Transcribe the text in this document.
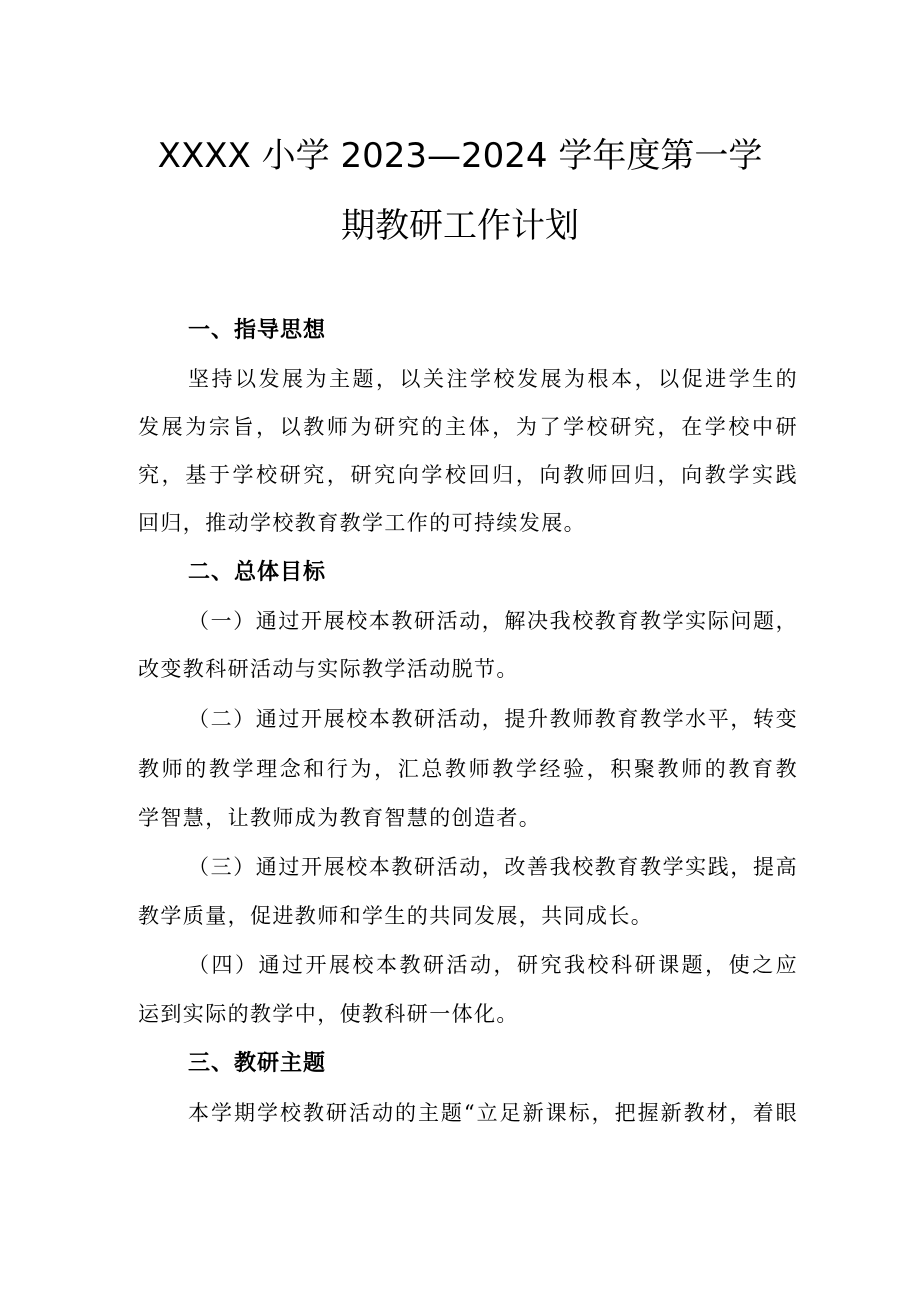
XXXX 小学 2023—2024 学年度第一学
期教研工作计划
一、指导思想
坚持以发展为主题，以关注学校发展为根本，以促进学生的
发展为宗旨，以教师为研究的主体，为了学校研究，在学校中研
究，基于学校研究，研究向学校回归，向教师回归，向教学实践
回归，推动学校教育教学工作的可持续发展。
二、总体目标
（一）通过开展校本教研活动，解决我校教育教学实际问题，
改变教科研活动与实际教学活动脱节。
（二）通过开展校本教研活动，提升教师教育教学水平，转变
教师的教学理念和行为，汇总教师教学经验，积聚教师的教育教
学智慧，让教师成为教育智慧的创造者。
（三）通过开展校本教研活动，改善我校教育教学实践，提高
教学质量，促进教师和学生的共同发展，共同成长。
（四）通过开展校本教研活动，研究我校科研课题，使之应
运到实际的教学中，使教科研一体化。
三、教研主题
本学期学校教研活动的主题“立足新课标，把握新教材，着眼
